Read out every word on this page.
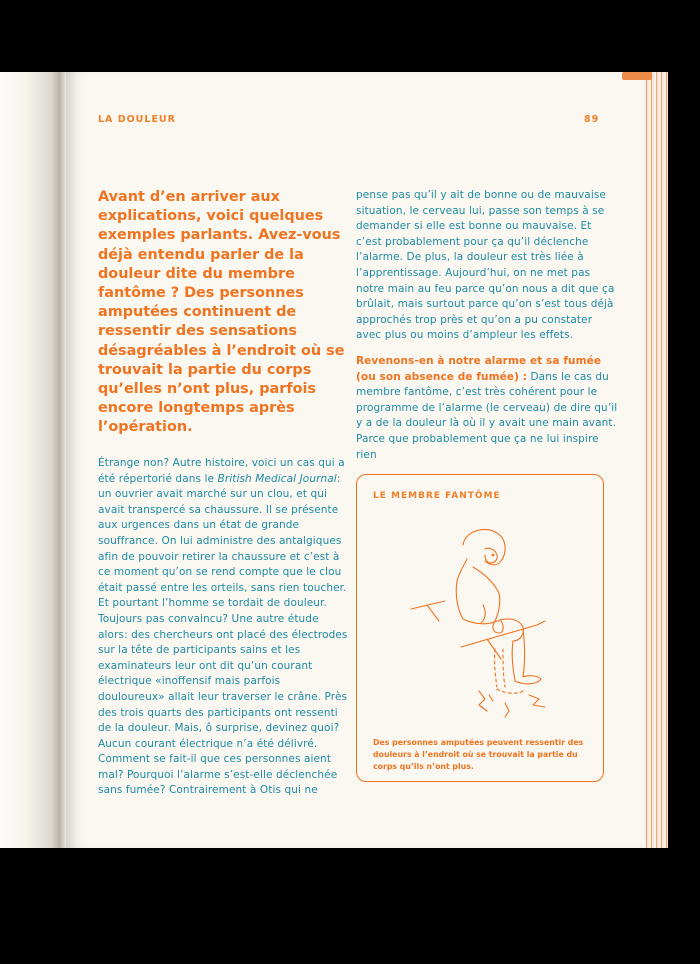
LA DOULEUR	89
Avant d’en arriver aux explications, voici quelques exemples parlants. Avez-vous déjà entendu parler de la douleur dite du membre fantôme ? Des personnes amputées continuent de ressentir des sensations désagréables à l’endroit où se trouvait la partie du corps qu’elles n’ont plus, parfois encore longtemps après l’opération.

Étrange non? Autre histoire, voici un cas qui a été répertorié dans le British Medical Journal: un ouvrier avait marché sur un clou, et qui avait transpercé sa chaussure. Il se présente aux urgences dans un état de grande souffrance. On lui administre des antalgiques afin de pouvoir retirer la chaussure et c’est à ce moment qu’on se rend compte que le clou était passé entre les orteils, sans rien toucher. Et pourtant l’homme se tordait de douleur.

Toujours pas convaincu? Une autre étude alors: des chercheurs ont placé des électrodes sur la tête de participants sains et les examinateurs leur ont dit qu’un courant électrique «inoffensif mais parfois douloureux» allait leur traverser le crâne. Près des trois quarts des participants ont ressenti de la douleur. Mais, ô surprise, devinez quoi? Aucun courant électrique n’a été délivré. Comment se fait-il que ces personnes aient mal? Pourquoi l’alarme s’est-elle déclenchée sans fumée? Contrairement à Otis qui ne

pense pas qu’il y ait de bonne ou de mauvaise situation, le cerveau lui, passe son temps à se demander si elle est bonne ou mauvaise. Et c’est probablement pour ça qu’il déclenche l’alarme. De plus, la douleur est très liée à l’apprentissage. Aujourd’hui, on ne met pas notre main au feu parce qu’on nous a dit que ça brûlait, mais surtout parce qu’on s’est tous déjà approchés trop près et qu’on a pu constater avec plus ou moins d’ampleur les effets.

Revenons-en à notre alarme et sa fumée (ou son absence de fumée) : Dans le cas du membre fantôme, c’est très cohérent pour le programme de l’alarme (le cerveau) de dire qu’il y a de la douleur là où il y avait une main avant. Parce que probablement que ça ne lui inspire rien

LE MEMBRE FANTÔME
Des personnes amputées peuvent ressentir des douleurs à l’endroit où se trouvait la partie du corps qu’ils n’ont plus.
